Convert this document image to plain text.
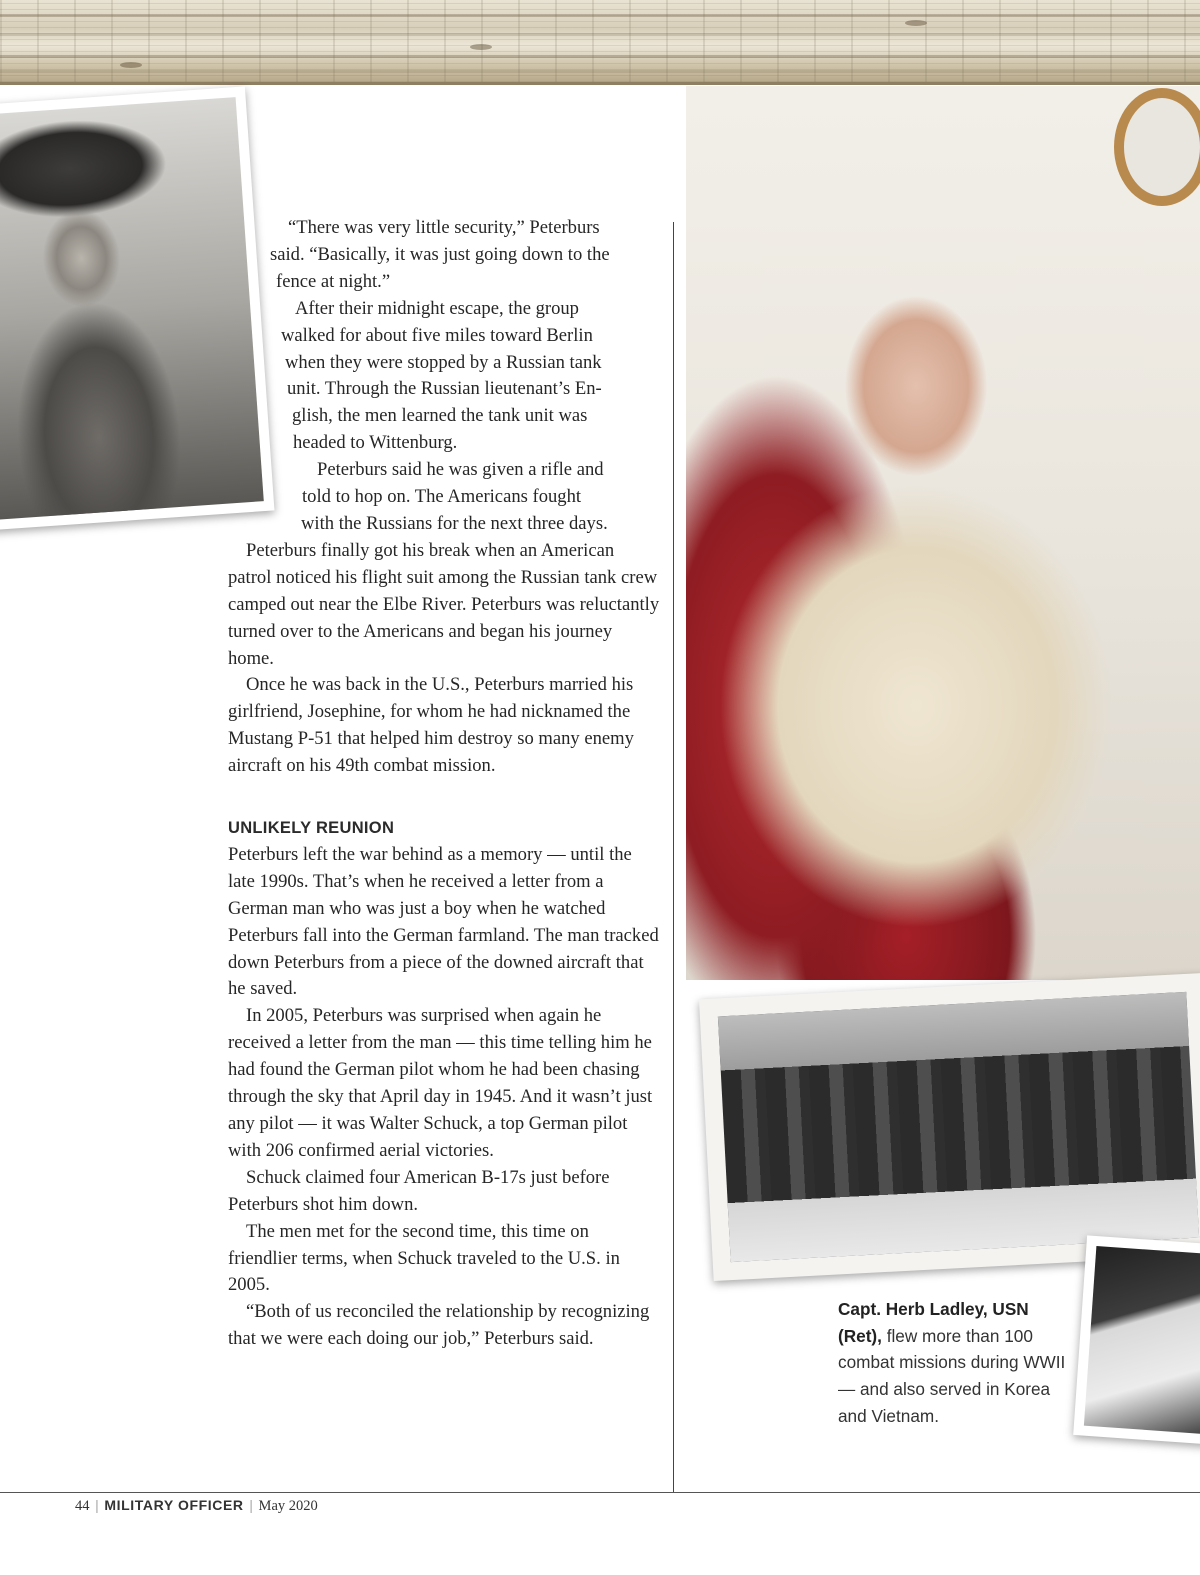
“There was very little security,” Peterburs
said. “Basically, it was just going down to the
fence at night.”
After their midnight escape, the group
walked for about five miles toward Berlin
when they were stopped by a Russian tank
unit. Through the Russian lieutenant’s En-
glish, the men learned the tank unit was
headed to Wittenburg.
Peterburs said he was given a rifle and
told to hop on. The Americans fought
with the Russians for the next three days.

Peterburs finally got his break when an American patrol noticed his flight suit among the Russian tank crew camped out near the Elbe River. Peterburs was reluctantly turned over to the Americans and began his journey home.

Once he was back in the U.S., Peterburs married his girlfriend, Josephine, for whom he had nicknamed the Mustang P-51 that helped him destroy so many enemy aircraft on his 49th combat mission.

UNLIKELY REUNION

Peterburs left the war behind as a memory — until the late 1990s. That’s when he received a letter from a German man who was just a boy when he watched Peterburs fall into the German farmland. The man tracked down Peterburs from a piece of the downed aircraft that he saved.

In 2005, Peterburs was surprised when again he received a letter from the man — this time telling him he had found the German pilot whom he had been chasing through the sky that April day in 1945. And it wasn’t just any pilot — it was Walter Schuck, a top German pilot with 206 confirmed aerial victories.

Schuck claimed four American B-17s just before Peterburs shot him down.

The men met for the second time, this time on friendlier terms, when Schuck traveled to the U.S. in 2005.

“Both of us reconciled the relationship by recognizing that we were each doing our job,” Peterburs said.

Capt. Herb Ladley, USN (Ret), flew more than 100 combat missions during WWII — and also served in Korea and Vietnam.
44 | MILITARY OFFICER | May 2020
